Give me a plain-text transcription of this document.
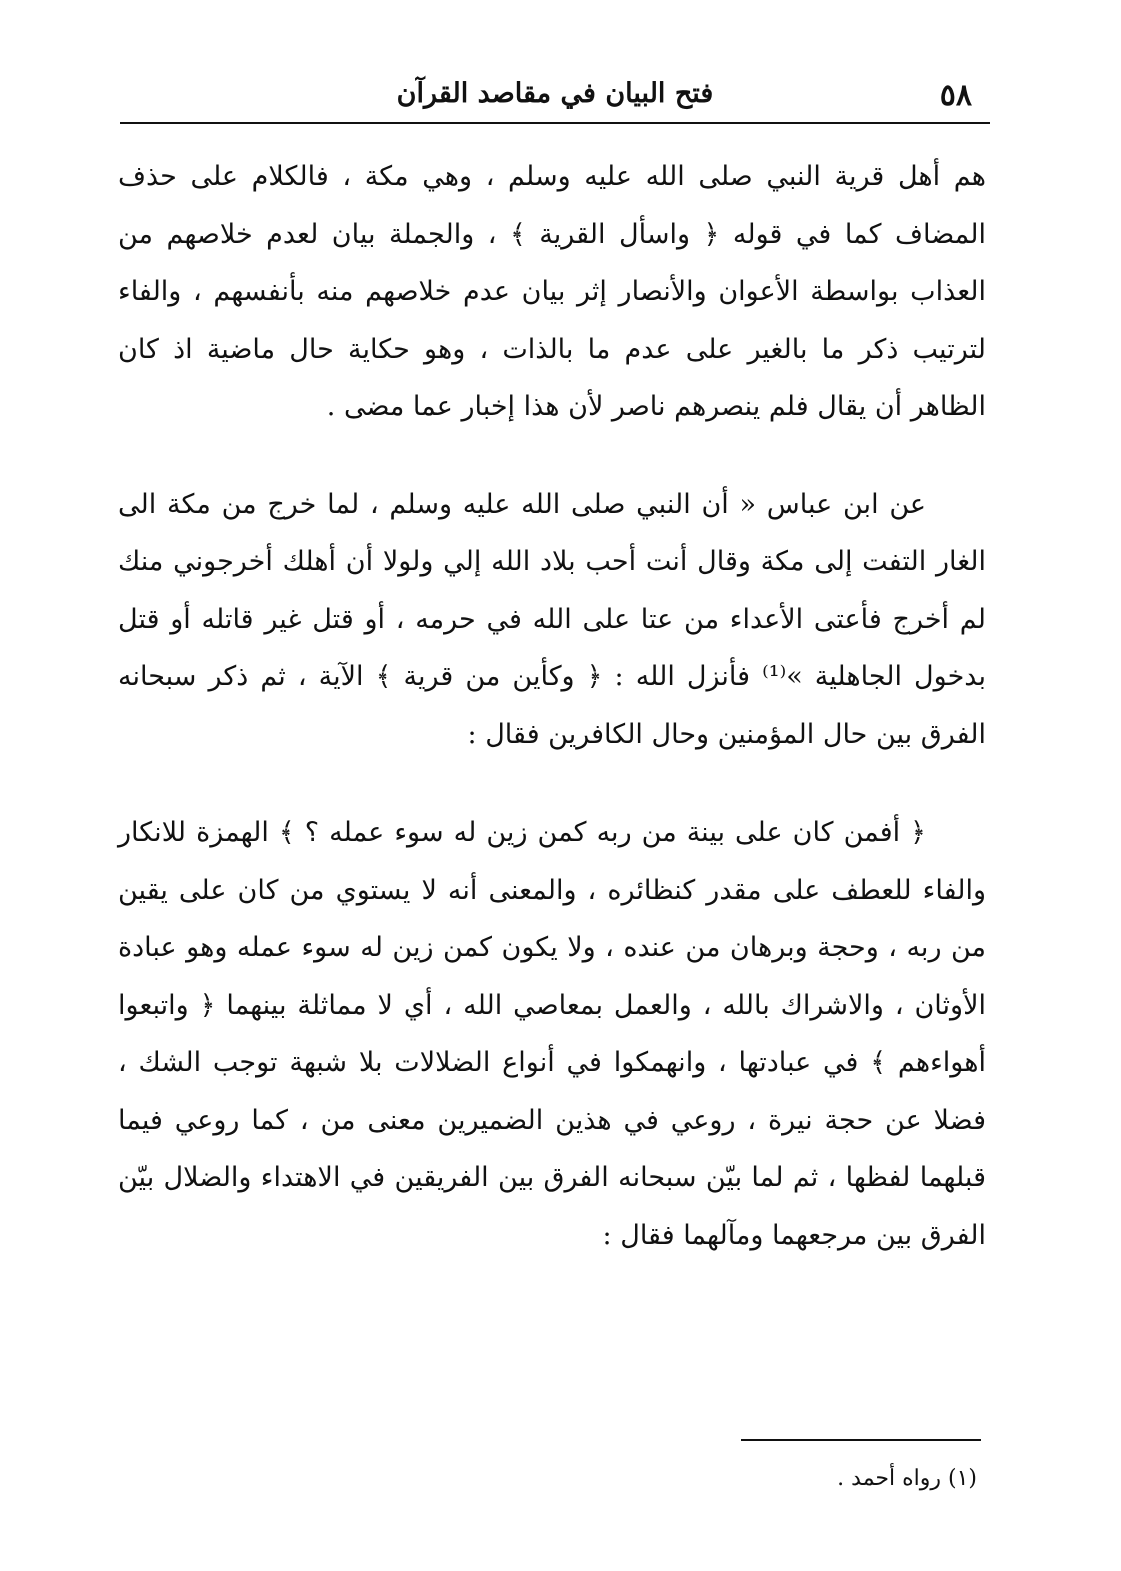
٥٨
فتح البيان في مقاصد القرآن

هم أهل قرية النبي صلى الله عليه وسلم ، وهي مكة ، فالكلام على حذف المضاف كما في قوله ﴿ واسأل القرية ﴾ ، والجملة بيان لعدم خلاصهم من العذاب بواسطة الأعوان والأنصار إثر بيان عدم خلاصهم منه بأنفسهم ، والفاء لترتيب ذكر ما بالغير على عدم ما بالذات ، وهو حكاية حال ماضية اذ كان الظاهر أن يقال فلم ينصرهم ناصر لأن هذا إخبار عما مضى .

عن ابن عباس « أن النبي صلى الله عليه وسلم ، لما خرج من مكة الى الغار التفت إلى مكة وقال أنت أحب بلاد الله إلي ولولا أن أهلك أخرجوني منك لم أخرج فأعتى الأعداء من عتا على الله في حرمه ، أو قتل غير قاتله أو قتل بدخول الجاهلية »⁽¹⁾ فأنزل الله : ﴿ وكأين من قرية ﴾ الآية ، ثم ذكر سبحانه الفرق بين حال المؤمنين وحال الكافرين فقال :

﴿ أفمن كان على بينة من ربه كمن زين له سوء عمله ؟ ﴾ الهمزة للانكار والفاء للعطف على مقدر كنظائره ، والمعنى أنه لا يستوي من كان على يقين من ربه ، وحجة وبرهان من عنده ، ولا يكون كمن زين له سوء عمله وهو عبادة الأوثان ، والاشراك بالله ، والعمل بمعاصي الله ، أي لا مماثلة بينهما ﴿ واتبعوا أهواءهم ﴾ في عبادتها ، وانهمكوا في أنواع الضلالات بلا شبهة توجب الشك ، فضلا عن حجة نيرة ، روعي في هذين الضميرين معنى من ، كما روعي فيما قبلهما لفظها ، ثم لما بيّن سبحانه الفرق بين الفريقين في الاهتداء والضلال بيّن الفرق بين مرجعهما ومآلهما فقال :

(١) رواه أحمد .
